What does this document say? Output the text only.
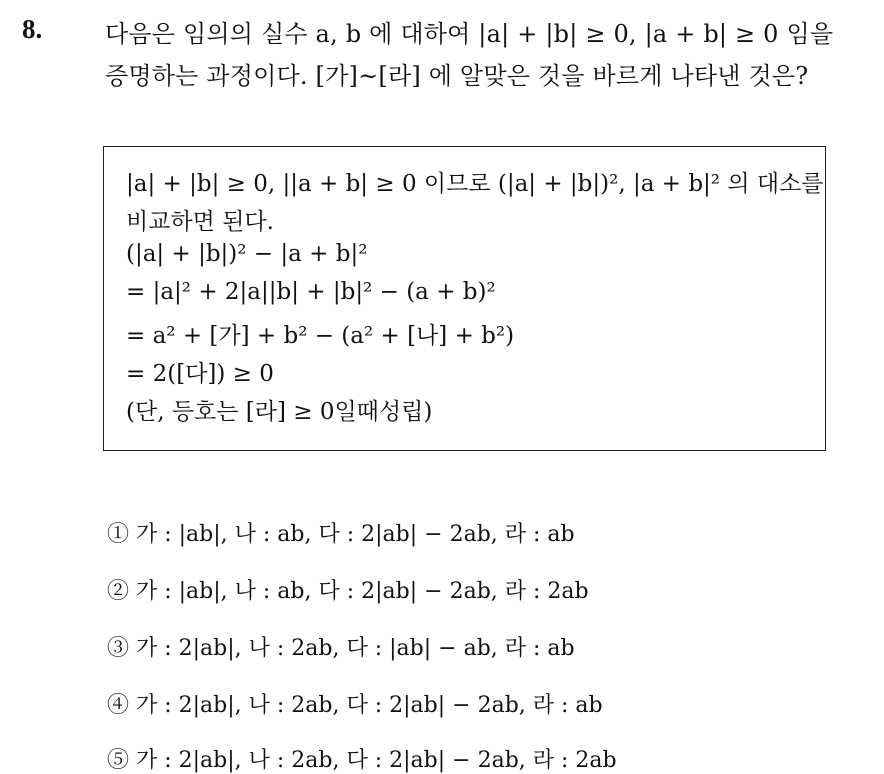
8.	다음은 임의의 실수 a, b 에 대하여 |a| + |b| ≥ 0, |a + b| ≥ 0 임을
증명하는 과정이다. [가]~[라] 에 알맞은 것을 바르게 나타낸 것은?
|a| + |b| ≥ 0, ||a + b| ≥ 0 이므로 (|a| + |b|)², |a + b|² 의 대소를
비교하면 된다.
(|a| + |b|)² − |a + b|²
= |a|² + 2|a||b| + |b|² − (a + b)²
= a² + [가] + b² − (a² + [나] + b²)
= 2([다]) ≥ 0
(단, 등호는 [라] ≥ 0일때성립)
① 가 : |ab|, 나 : ab, 다 : 2|ab| − 2ab, 라 : ab
② 가 : |ab|, 나 : ab, 다 : 2|ab| − 2ab, 라 : 2ab
③ 가 : 2|ab|, 나 : 2ab, 다 : |ab| − ab, 라 : ab
④ 가 : 2|ab|, 나 : 2ab, 다 : 2|ab| − 2ab, 라 : ab
⑤ 가 : 2|ab|, 나 : 2ab, 다 : 2|ab| − 2ab, 라 : 2ab
